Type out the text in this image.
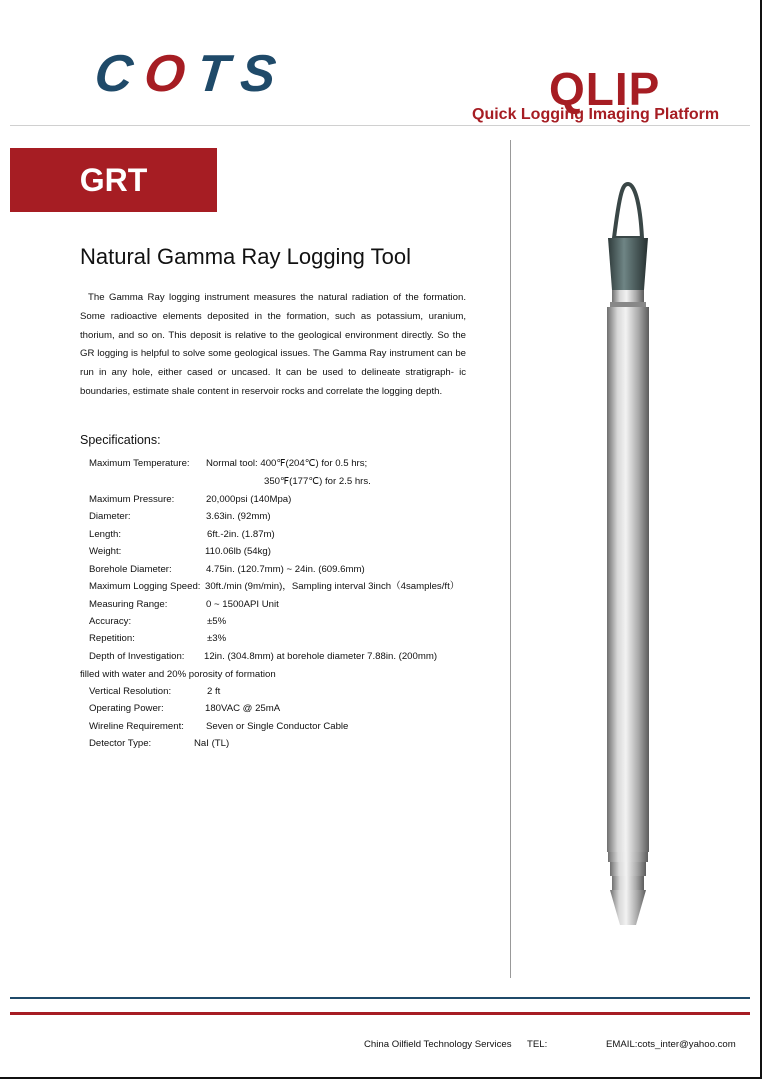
COTS	QLIP
Quick Logging Imaging Platform
GRT
Natural Gamma Ray Logging Tool
The Gamma Ray logging instrument measures the natural radiation of the formation. Some radioactive elements deposited in the formation, such as potassium, uranium, thorium, and so on. This deposit is relative to the geological environment directly. So the GR logging is helpful to solve some geological issues. The Gamma Ray instrument can be run in any hole, either cased or uncased. It can be used to delineate stratigraph- ic boundaries, estimate shale content in reservoir rocks and correlate the logging depth.
Specifications:
Maximum Temperature: Normal tool: 400℉(204℃) for 0.5 hrs;
350℉(177℃) for 2.5 hrs.
Maximum Pressure:	20,000psi (140Mpa)
Diameter:	3.63in. (92mm)
Length:	6ft.-2in. (1.87m)
Weight:	110.06lb (54kg)
Borehole Diameter:	4.75in. (120.7mm) ~ 24in. (609.6mm)
Maximum Logging Speed: 30ft./min (9m/min)，Sampling interval 3inch（4samples/ft）
Measuring Range:	0 ~ 1500API Unit
Accuracy:	±5%
Repetition:	±3%
Depth of Investigation: 12in. (304.8mm) at borehole diameter 7.88in. (200mm)
filled with water and 20% porosity of formation
Vertical Resolution:	2 ft
Operating Power:	180VAC @ 25mA
Wireline Requirement: Seven or Single Conductor Cable
Detector Type:	NaI (TL)
China Oilfield Technology Services TEL:	EMAIL:cots_inter@yahoo.com
